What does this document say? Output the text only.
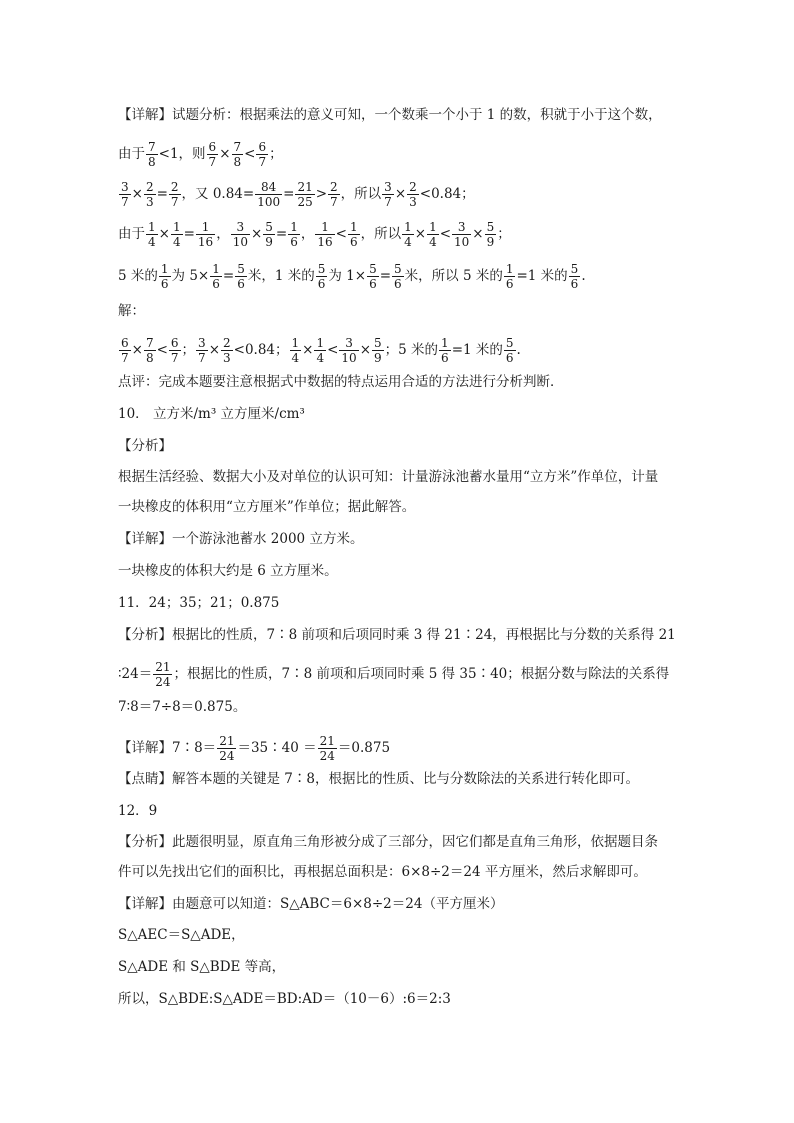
【详解】试题分析：根据乘法的意义可知，一个数乘一个小于 1 的数，积就于小于这个数，
由于 $\frac{7}{8} <1$，则 $\frac{6}{7} \times \frac{7}{8} < \frac{6}{7}$ ；
$\frac{3}{7} \times \frac{2}{3} = \frac{2}{7}$ ，又 $0.84= \frac{84}{100} = \frac{21}{25} > \frac{2}{7}$ ，所以 $\frac{3}{7} \times \frac{2}{3} <0.84$；
由于 $\frac{1}{4} \times \frac{1}{4} = \frac{1}{16}$ ， $\frac{3}{10} \times \frac{5}{9} = \frac{1}{6}$ ， $\frac{1}{16} < \frac{1}{6}$ ，所以 $\frac{1}{4} \times \frac{1}{4} < \frac{3}{10} \times \frac{5}{9}$ ；
5 米的 $\frac{1}{6}$ 为 $5\times \frac{1}{6} = \frac{5}{6}$ 米，1 米的 $\frac{5}{6}$ 为 $1\times \frac{5}{6} = \frac{5}{6}$ 米，所以 5 米的 $\frac{1}{6} =1$ 米的 $\frac{5}{6}$ .
解：
$\frac{6}{7} \times \frac{7}{8} < \frac{6}{7}$ ； $\frac{3}{7} \times \frac{2}{3} <0.84$； $\frac{1}{4} \times \frac{1}{4} < \frac{3}{10} \times \frac{5}{9}$ ；5 米的 $\frac{1}{6} =1$ 米的 $\frac{5}{6}$ .
点评：完成本题要注意根据式中数据的特点运用合适的方法进行分析判断．
10． 立方米/m³ 立方厘米/cm³
【分析】
根据生活经验、数据大小及对单位的认识可知：计量游泳池蓄水量用“立方米”作单位，计量
一块橡皮的体积用“立方厘米”作单位；据此解答。
【详解】一个游泳池蓄水 2000 立方米。
一块橡皮的体积大约是 6 立方厘米。
11．24；35；21；0.875
【分析】根据比的性质，7∶8 前项和后项同时乘 3 得 21∶24，再根据比与分数的关系得 21
∶24＝ $\frac{21}{24}$ ；根据比的性质，7∶8 前项和后项同时乘 5 得 35∶40；根据分数与除法的关系得
7∶8＝7÷8＝0.875。
【详解】7∶8＝ $\frac{21}{24}$ ＝35∶40 ＝ $\frac{21}{24} =0.875$
【点睛】解答本题的关键是 7∶8，根据比的性质、比与分数除法的关系进行转化即可。
12．9
【分析】此题很明显，原直角三角形被分成了三部分，因它们都是直角三角形，依据题目条
件可以先找出它们的面积比，再根据总面积是：6×8÷2＝24 平方厘米，然后求解即可。
【详解】由题意可以知道：S△ABC＝6×8÷2＝24（平方厘米）
S△AEC＝S△ADE，
S△ADE 和 S△BDE 等高，
所以，S△BDE:S△ADE＝BD:AD＝（10－6）:6＝2:3
